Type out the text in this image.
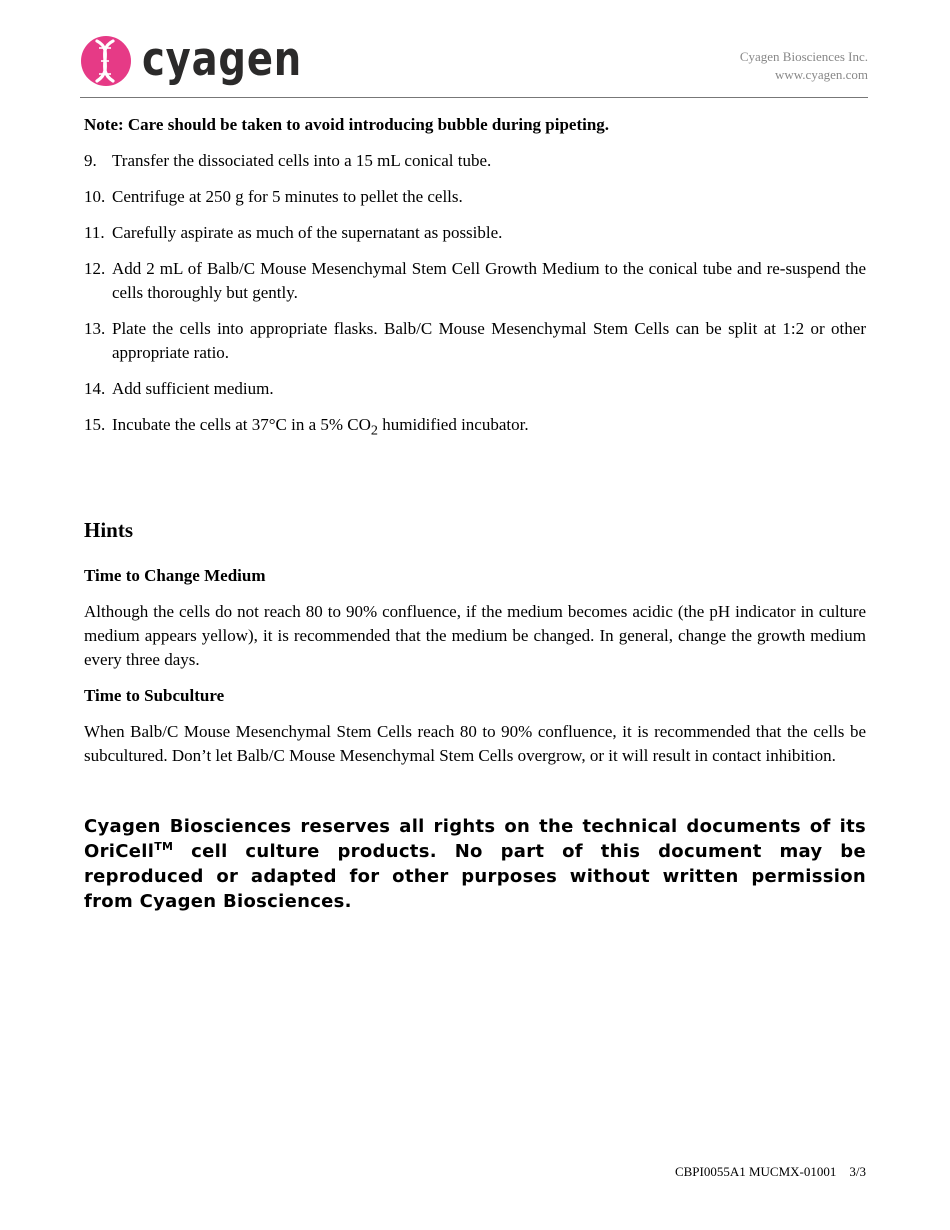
cyagen	Cyagen Biosciences Inc.
www.cyagen.com

Note: Care should be taken to avoid introducing bubble during pipeting.

9. Transfer the dissociated cells into a 15 mL conical tube.
10. Centrifuge at 250 g for 5 minutes to pellet the cells.
11. Carefully aspirate as much of the supernatant as possible.
12. Add 2 mL of Balb/C Mouse Mesenchymal Stem Cell Growth Medium to the conical tube and re-suspend the cells thoroughly but gently.
13. Plate the cells into appropriate flasks. Balb/C Mouse Mesenchymal Stem Cells can be split at 1:2 or other appropriate ratio.
14. Add sufficient medium.
15. Incubate the cells at 37°C in a 5% $CO_2$ humidified incubator.
Hints

Time to Change Medium

Although the cells do not reach 80 to 90% confluence, if the medium becomes acidic (the pH indicator in culture medium appears yellow), it is recommended that the medium be changed. In general, change the growth medium every three days.

Time to Subculture

When Balb/C Mouse Mesenchymal Stem Cells reach 80 to 90% confluence, it is recommended that the cells be subcultured. Don’t let Balb/C Mouse Mesenchymal Stem Cells overgrow, or it will result in contact inhibition.

Cyagen Biosciences reserves all rights on the technical documents of its OriCell™ cell culture products. No part of this document may be reproduced or adapted for other purposes without written permission from Cyagen Biosciences.

CBPI0055A1 MUCMX-01001 3/3
